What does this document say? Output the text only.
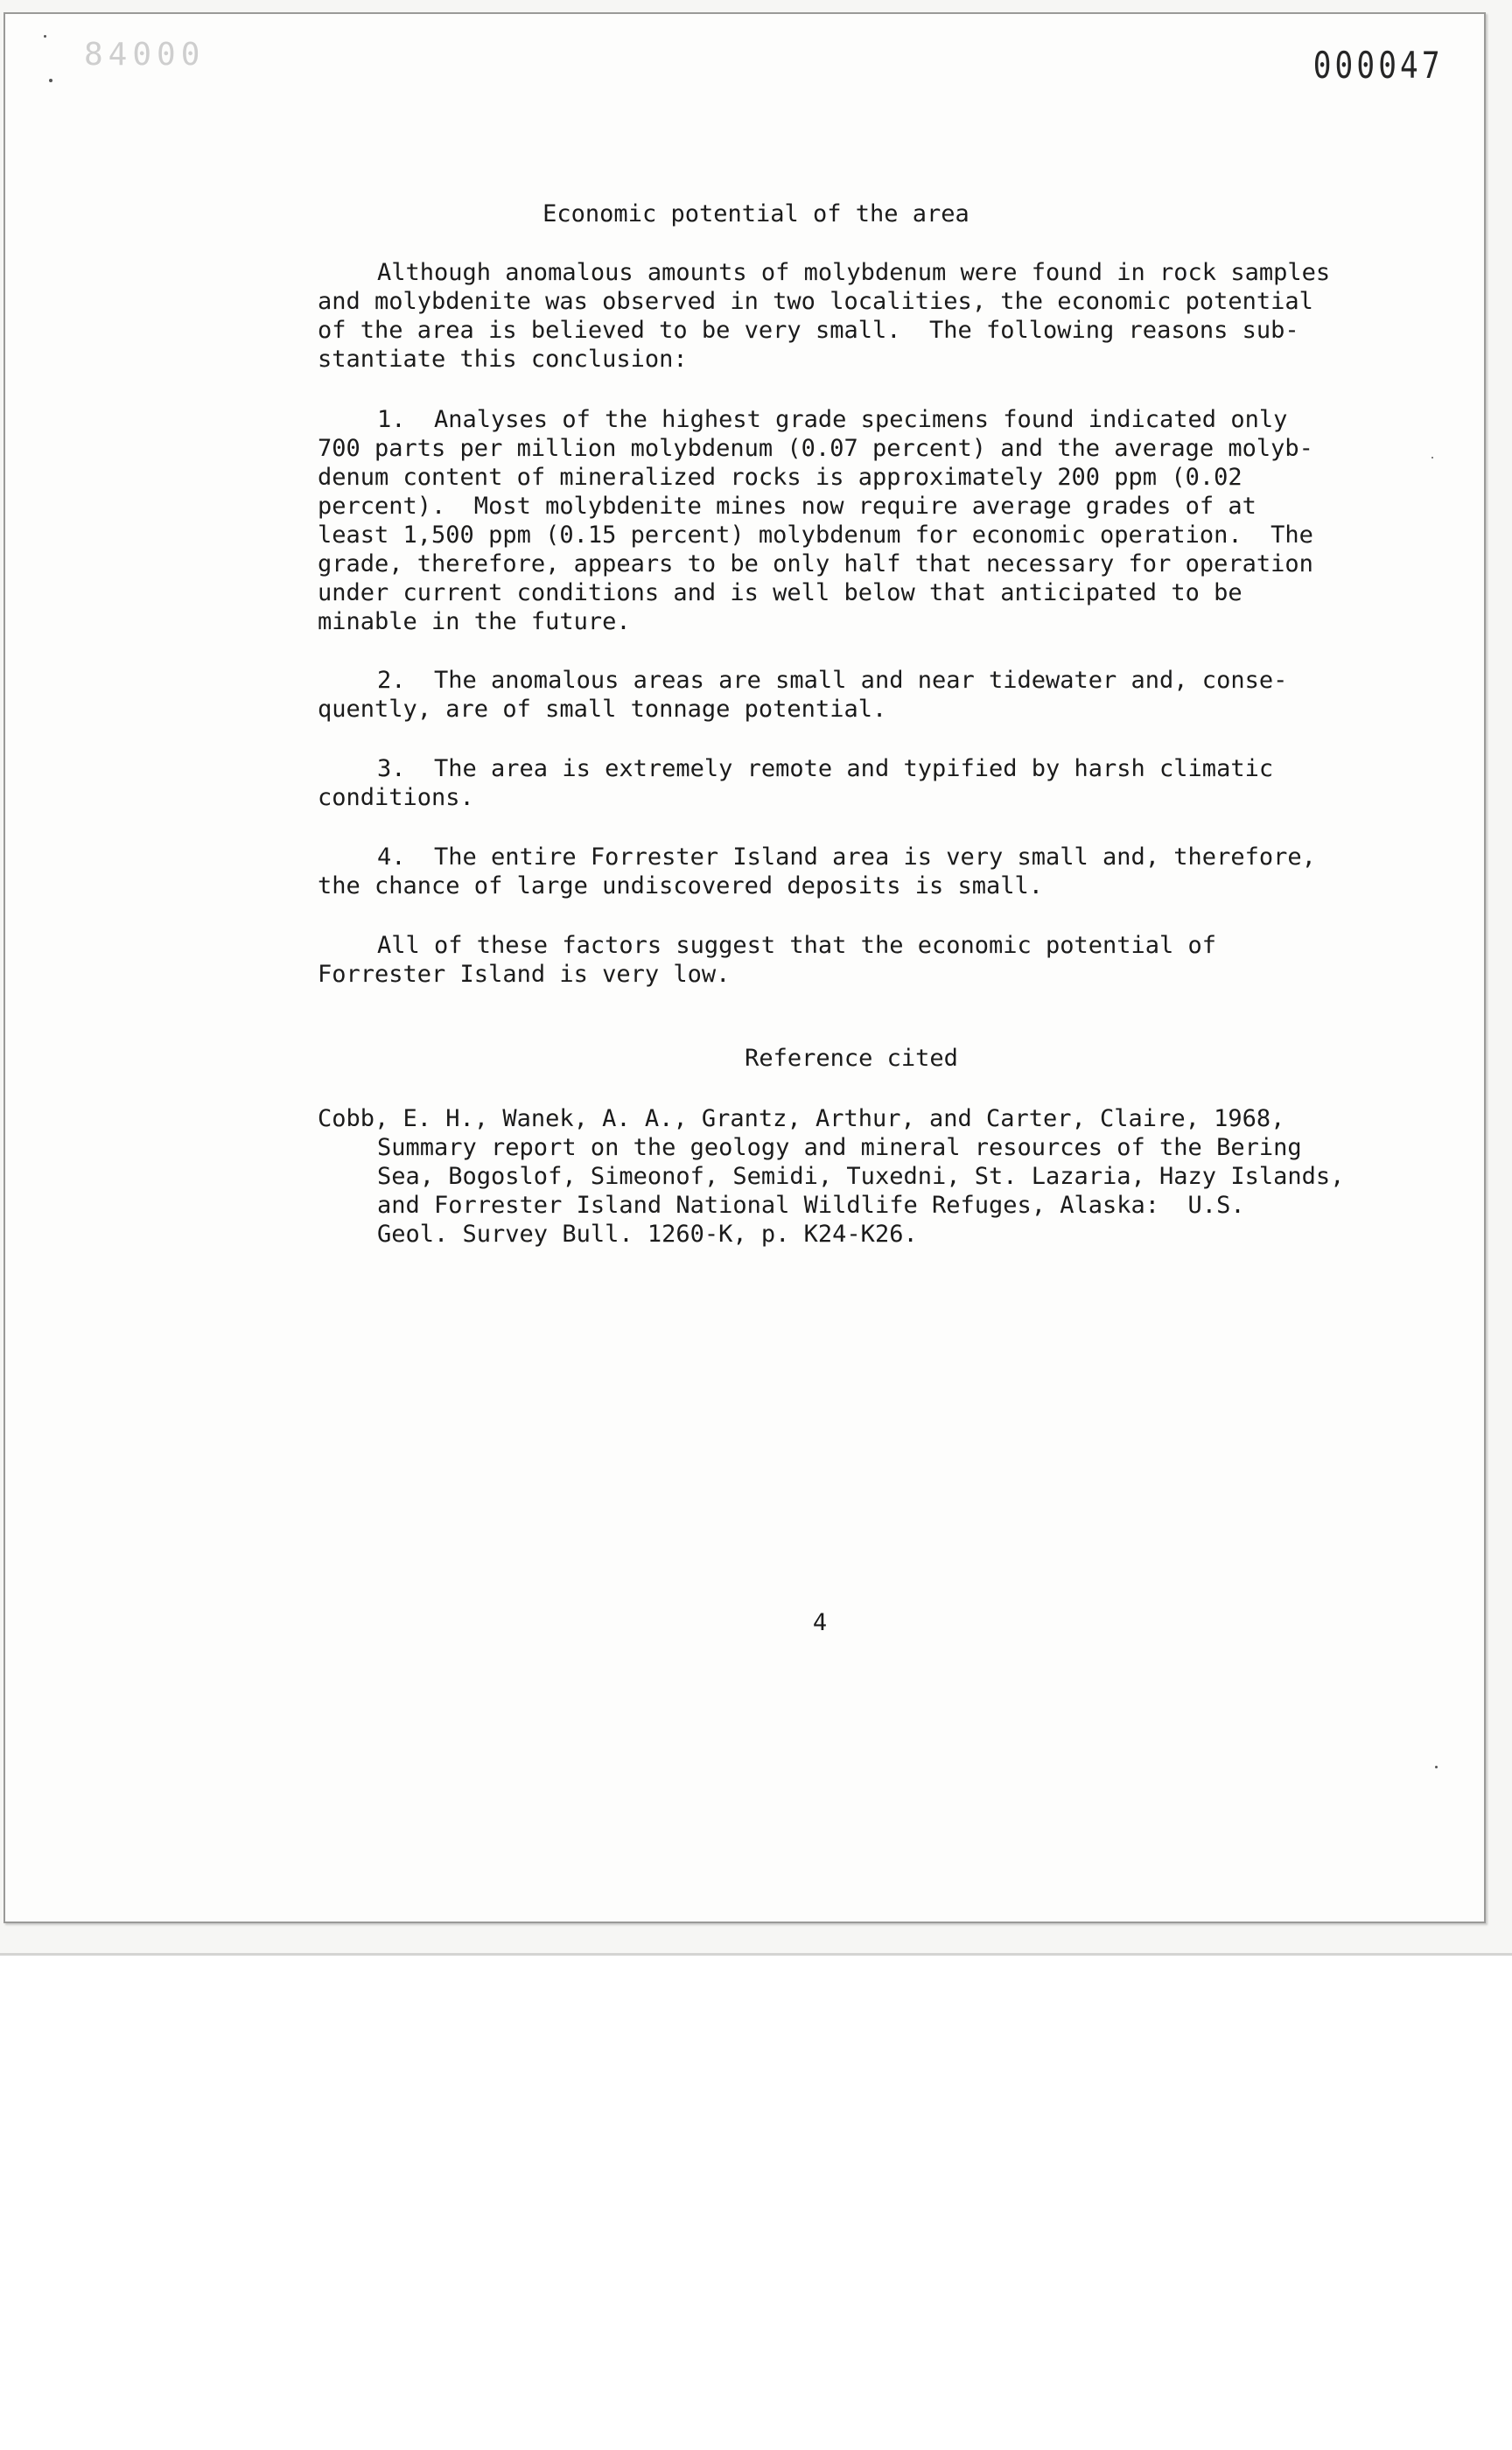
84000	000047
Economic potential of the area

Although anomalous amounts of molybdenum were found in rock samples
and molybdenite was observed in two localities, the economic potential
of the area is believed to be very small.  The following reasons sub-
stantiate this conclusion:

1.  Analyses of the highest grade specimens found indicated only
700 parts per million molybdenum (0.07 percent) and the average molyb-
denum content of mineralized rocks is approximately 200 ppm (0.02
percent).  Most molybdenite mines now require average grades of at
least 1,500 ppm (0.15 percent) molybdenum for economic operation.  The
grade, therefore, appears to be only half that necessary for operation
under current conditions and is well below that anticipated to be
minable in the future.

2.  The anomalous areas are small and near tidewater and, conse-
quently, are of small tonnage potential.

3.  The area is extremely remote and typified by harsh climatic
conditions.

4.  The entire Forrester Island area is very small and, therefore,
the chance of large undiscovered deposits is small.

All of these factors suggest that the economic potential of
Forrester Island is very low.

Reference cited

Cobb, E. H., Wanek, A. A., Grantz, Arthur, and Carter, Claire, 1968,
Summary report on the geology and mineral resources of the Bering
Sea, Bogoslof, Simeonof, Semidi, Tuxedni, St. Lazaria, Hazy Islands,
and Forrester Island National Wildlife Refuges, Alaska:  U.S.
Geol. Survey Bull. 1260-K, p. K24-K26.

4
